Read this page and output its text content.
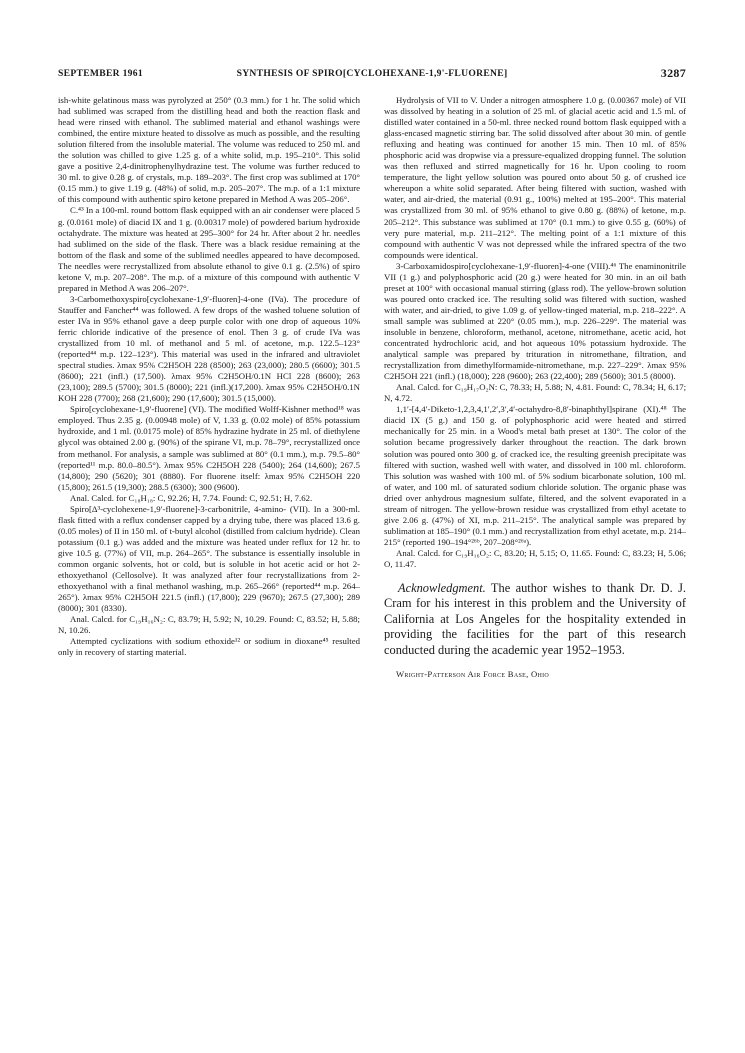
SEPTEMBER 1961	SYNTHESIS OF SPIRO[CYCLOHEXANE-1,9'-FLUORENE]	3287

ish-white gelatinous mass was pyrolyzed at 250° (0.3 mm.) for 1 hr. The solid which had sublimed was scraped from the distilling head and both the reaction flask and head were rinsed with ethanol. The sublimed material and ethanol washings were combined, the entire mixture heated to dissolve as much as possible, and the resulting solution filtered from the insoluble material. The volume was reduced to 250 ml. and the solution was chilled to give 1.25 g. of a white solid, m.p. 195–210°. This solid gave a positive 2,4-dinitrophenylhydrazine test. The volume was further reduced to 30 ml. to give 0.28 g. of crystals, m.p. 189–203°. The first crop was sublimed at 170° (0.15 mm.) to give 1.19 g. (48%) of solid, m.p. 205–207°. The m.p. of a 1:1 mixture of this compound with authentic spiro ketone prepared in Method A was 205–206°.

C.⁴³ In a 100-ml. round bottom flask equipped with an air condenser were placed 5 g. (0.0161 mole) of diacid IX and 1 g. (0.00317 mole) of powdered barium hydroxide octahydrate. The mixture was heated at 295–300° for 24 hr. After about 2 hr. needles had sublimed on the side of the flask. There was a black residue remaining at the bottom of the flask and some of the sublimed needles appeared to have decomposed. The needles were recrystallized from absolute ethanol to give 0.1 g. (2.5%) of spiro ketone V, m.p. 207–208°. The m.p. of a mixture of this compound with authentic V prepared in Method A was 206–207°.

3-Carbomethoxyspiro[cyclohexane-1,9′-fluoren]-4-one (IVa). The procedure of Stauffer and Fancher⁴⁴ was followed. A few drops of the washed toluene solution of ester IVa in 95% ethanol gave a deep purple color with one drop of aqueous 10% ferric chloride indicative of the presence of enol. Then 3 g. of crude IVa was crystallized from 10 ml. of methanol and 5 ml. of acetone, m.p. 122.5–123° (reported⁴⁴ m.p. 122–123°). This material was used in the infrared and ultraviolet spectral studies. λmax 95% C2H5OH 228 (8500); 263 (23,000); 280.5 (6600); 301.5 (8600); 221 (infl.) (17,500). λmax 95% C2H5OH/0.1N HCl 228 (8600); 263 (23,100); 289.5 (5700); 301.5 (8000); 221 (infl.)(17,200). λmax 95% C2H5OH/0.1N KOH 228 (7700); 268 (21,600); 290 (17,600); 301.5 (15,000).

Spiro[cyclohexane-1,9′-fluorene] (VI). The modified Wolff-Kishner method¹⁸ was employed. Thus 2.35 g. (0.00948 mole) of V, 1.33 g. (0.02 mole) of 85% potassium hydroxide, and 1 ml. (0.0175 mole) of 85% hydrazine hydrate in 25 ml. of diethylene glycol was obtained 2.00 g. (90%) of the spirane VI, m.p. 78–79°, recrystallized once from methanol. For analysis, a sample was sublimed at 80° (0.1 mm.), m.p. 79.5–80° (reported¹¹ m.p. 80.0–80.5°). λmax 95% C2H5OH 228 (5400); 264 (14,600); 267.5 (14,800); 290 (5620); 301 (8880). For fluorene itself: λmax 95% C2H5OH 220 (15,800); 261.5 (19,300); 288.5 (6300); 300 (9600).

Anal. Calcd. for C₁₈H₁₈: C, 92.26; H, 7.74. Found: C, 92.51; H, 7.62.

Spiro[Δ³-cyclohexene-1,9′-fluorene]-3-carbonitrile, 4-amino- (VII). In a 300-ml. flask fitted with a reflux condenser capped by a drying tube, there was placed 13.6 g. (0.05 moles) of II in 150 ml. of t-butyl alcohol (distilled from calcium hydride). Clean potassium (0.1 g.) was added and the mixture was heated under reflux for 12 hr. to give 10.5 g. (77%) of VII, m.p. 264–265°. The substance is essentially insoluble in common organic solvents, hot or cold, but is soluble in hot acetic acid or hot 2-ethoxyethanol (Cellosolve). It was analyzed after four recrystallizations from 2-ethoxyethanol with a final methanol washing, m.p. 265–266° (reported⁴⁴ m.p. 264–265°). λmax 95% C2H5OH 221.5 (infl.) (17,800); 229 (9670); 267.5 (27,300); 289 (8000); 301 (8330).

Anal. Calcd. for C₁₉H₁₆N₂: C, 83.79; H, 5.92; N, 10.29. Found: C, 83.52; H, 5.88; N, 10.26.

Attempted cyclizations with sodium ethoxide¹² or sodium in dioxane⁴⁵ resulted only in recovery of starting material.

Hydrolysis of VII to V. Under a nitrogen atmosphere 1.0 g. (0.00367 mole) of VII was dissolved by heating in a solution of 25 ml. of glacial acetic acid and 1.5 ml. of distilled water contained in a 50-ml. three necked round bottom flask equipped with a glass-encased magnetic stirring bar. The solid dissolved after about 30 min. of gentle refluxing and heating was continued for another 15 min. Then 10 ml. of 85% phosphoric acid was dropwise via a pressure-equalized dropping funnel. The solution was then refluxed and stirred magnetically for 16 hr. Upon cooling to room temperature, the light yellow solution was poured onto about 50 g. of crushed ice whereupon a white solid separated. After being filtered with suction, washed with water, and air-dried, the material (0.91 g., 100%) melted at 195–200°. This material was crystallized from 30 ml. of 95% ethanol to give 0.80 g. (88%) of ketone, m.p. 205–212°. This substance was sublimed at 170° (0.1 mm.) to give 0.55 g. (60%) of very pure material, m.p. 211–212°. The melting point of a 1:1 mixture of this compound with authentic V was not depressed while the infrared spectra of the two compounds were identical.

3-Carboxamidospiro[cyclohexane-1,9′-fluoren]-4-one (VIII).⁴⁶ The enaminonitrile VII (1 g.) and polyphosphoric acid (20 g.) were heated for 30 min. in an oil bath preset at 100° with occasional manual stirring (glass rod). The yellow-brown solution was poured onto cracked ice. The resulting solid was filtered with suction, washed with water, and air-dried, to give 1.09 g. of yellow-tinged material, m.p. 218–222°. A small sample was sublimed at 220° (0.05 mm.), m.p. 226–229°. The material was insoluble in benzene, chloroform, methanol, acetone, nitromethane, acetic acid, hot concentrated hydrochloric acid, and hot aqueous 10% potassium hydroxide. The analytical sample was prepared by trituration in nitromethane, filtration, and recrystallization from dimethylformamide-nitromethane, m.p. 227–229°. λmax 95% C2H5OH 221 (infl.) (18,000); 228 (9600); 263 (22,400); 289 (5600); 301.5 (8000).

Anal. Calcd. for C₁₉H₁₇O₂N: C, 78.33; H, 5.88; N, 4.81. Found: C, 78.34; H, 6.17; N, 4.72.

1,1′-[4,4′-Diketo-1,2,3,4,1′,2′,3′,4′-octahydro-8,8′-binaphthyl]spirane (XI).⁴⁸ The diacid IX (5 g.) and 150 g. of polyphosphoric acid were heated and stirred mechanically for 25 min. in a Wood's metal bath preset at 130°. The color of the solution became progressively darker throughout the reaction. The dark brown solution was poured onto 300 g. of cracked ice, the resulting greenish precipitate was filtered with suction, washed well with water, and dissolved in 100 ml. chloroform. This solution was washed with 100 ml. of 5% sodium bicarbonate solution, 100 ml. of water, and 100 ml. of saturated sodium chloride solution. The organic phase was dried over anhydrous magnesium sulfate, filtered, and the solvent evaporated in a stream of nitrogen. The yellow-brown residue was crystallized from ethyl acetate to give 2.06 g. (47%) of XI, m.p. 211–215°. The analytical sample was prepared by sublimation at 185–190° (0.1 mm.) and recrystallization from ethyl acetate, m.p. 214–215° (reported 190–194°²⁶ᵇ, 207–208°²⁶ᵃ).

Anal. Calcd. for C₁₉H₁₆O₂: C, 83.20; H, 5.15; O, 11.65. Found: C, 83.23; H, 5.06; O, 11.47.

Acknowledgment. The author wishes to thank Dr. D. J. Cram for his interest in this problem and the University of California at Los Angeles for the hospitality extended in providing the facilities for the part of this research conducted during the academic year 1952–1953.
Wright-Patterson Air Force Base, Ohio
